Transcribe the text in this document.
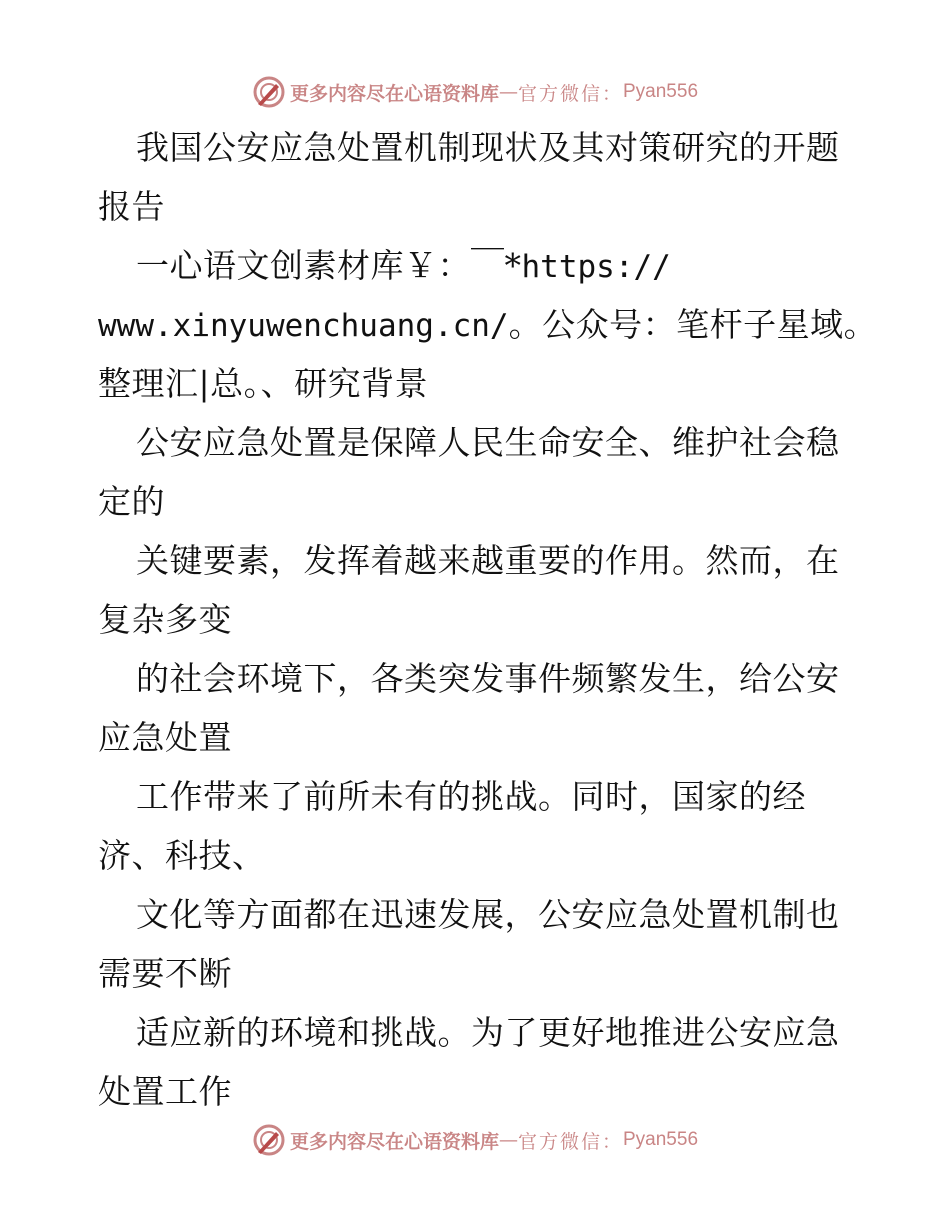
更多内容尽在心语资料库 — 官方微信： Pyan556
我国公安应急处置机制现状及其对策研究的开题
报告
一心语文创素材库￥：￣*https://
www.xinyuwenchuang.cn/。公众号：笔杆子星域。
整理汇|总。、研究背景
公安应急处置是保障人民生命安全、维护社会稳
定的
关键要素，发挥着越来越重要的作用。然而，在
复杂多变
的社会环境下，各类突发事件频繁发生，给公安
应急处置
工作带来了前所未有的挑战。同时，国家的经
济、科技、
文化等方面都在迅速发展，公安应急处置机制也
需要不断
适应新的环境和挑战。为了更好地推进公安应急
处置工作
更多内容尽在心语资料库 — 官方微信： Pyan556
